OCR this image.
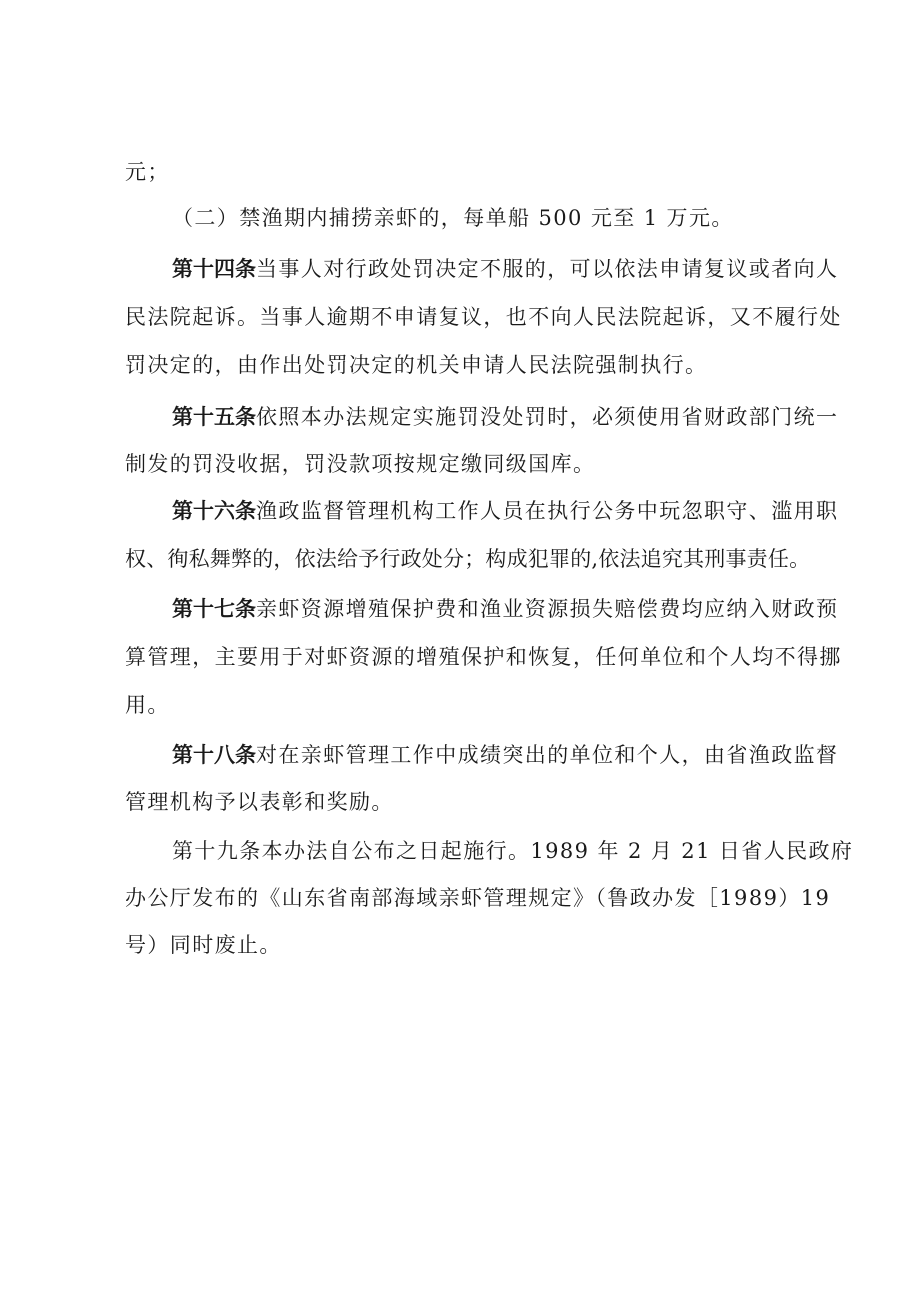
元；
（二）禁渔期内捕捞亲虾的，每单船 500 元至 1 万元。
第十四条当事人对行政处罚决定不服的，可以依法申请复议或者向人
民法院起诉。当事人逾期不申请复议，也不向人民法院起诉，又不履行处
罚决定的，由作出处罚决定的机关申请人民法院强制执行。
第十五条依照本办法规定实施罚没处罚时，必须使用省财政部门统一
制发的罚没收据，罚没款项按规定缴同级国库。
第十六条渔政监督管理机构工作人员在执行公务中玩忽职守、滥用职
权、徇私舞弊的，依法给予行政处分；构成犯罪的,依法追究其刑事责任。
第十七条亲虾资源增殖保护费和渔业资源损失赔偿费均应纳入财政预
算管理，主要用于对虾资源的增殖保护和恢复，任何单位和个人均不得挪
用。
第十八条对在亲虾管理工作中成绩突出的单位和个人，由省渔政监督
管理机构予以表彰和奖励。
第十九条本办法自公布之日起施行。1989 年 2 月 21 日省人民政府
办公厅发布的《山东省南部海域亲虾管理规定》（鲁政办发［1989）19
号）同时废止。
